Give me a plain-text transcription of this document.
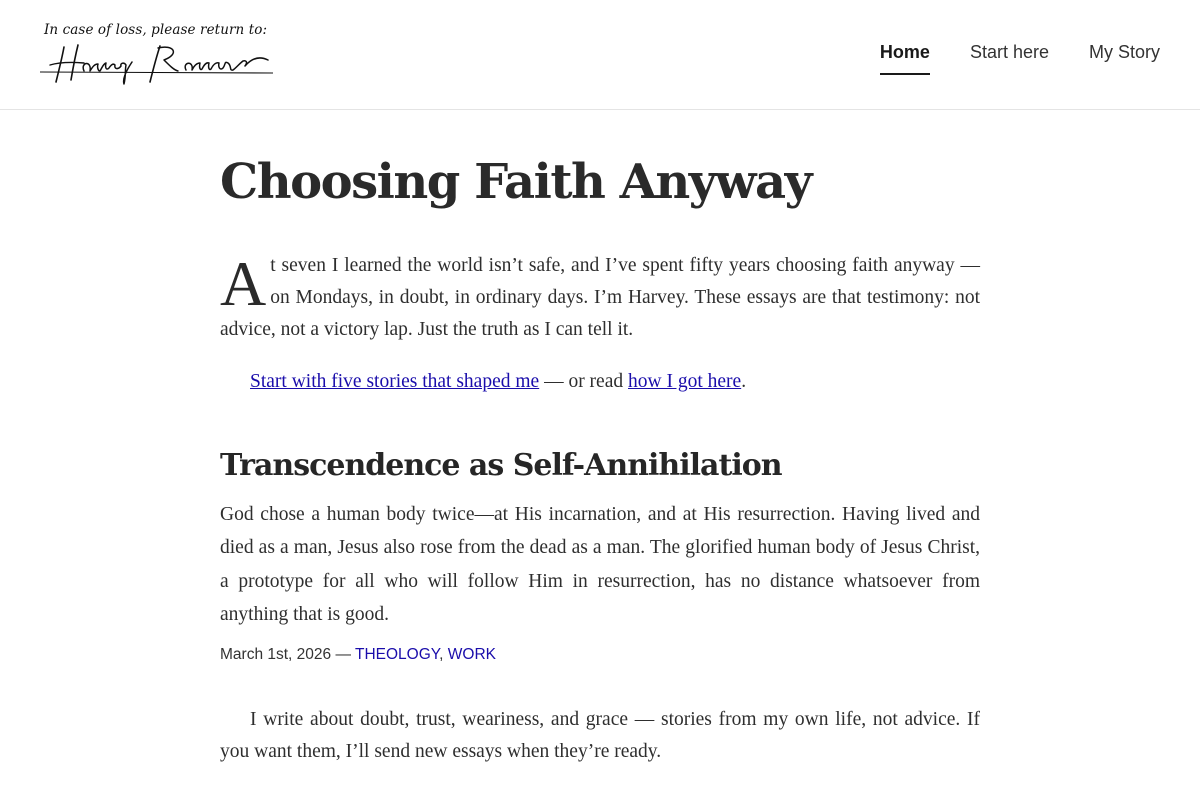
In case of loss, please return to:
Home Start here My Story
Choosing Faith Anyway

At seven I learned the world isn’t safe, and I’ve spent fifty years choosing faith anyway — on Mondays, in doubt, in ordinary days. I’m Harvey. These essays are that testimony: not advice, not a victory lap. Just the truth as I can tell it.

Start with five stories that shaped me — or read how I got here.

Transcendence as Self-Annihilation

God chose a human body twice—at His incarnation, and at His resurrection. Having lived and died as a man, Jesus also rose from the dead as a man. The glorified human body of Jesus Christ, a prototype for all who will follow Him in resurrection, has no distance whatsoever from anything that is good.

March 1st, 2026 — THEOLOGY, WORK

I write about doubt, trust, weariness, and grace — stories from my own life, not advice. If you want them, I’ll send new essays when they’re ready.
